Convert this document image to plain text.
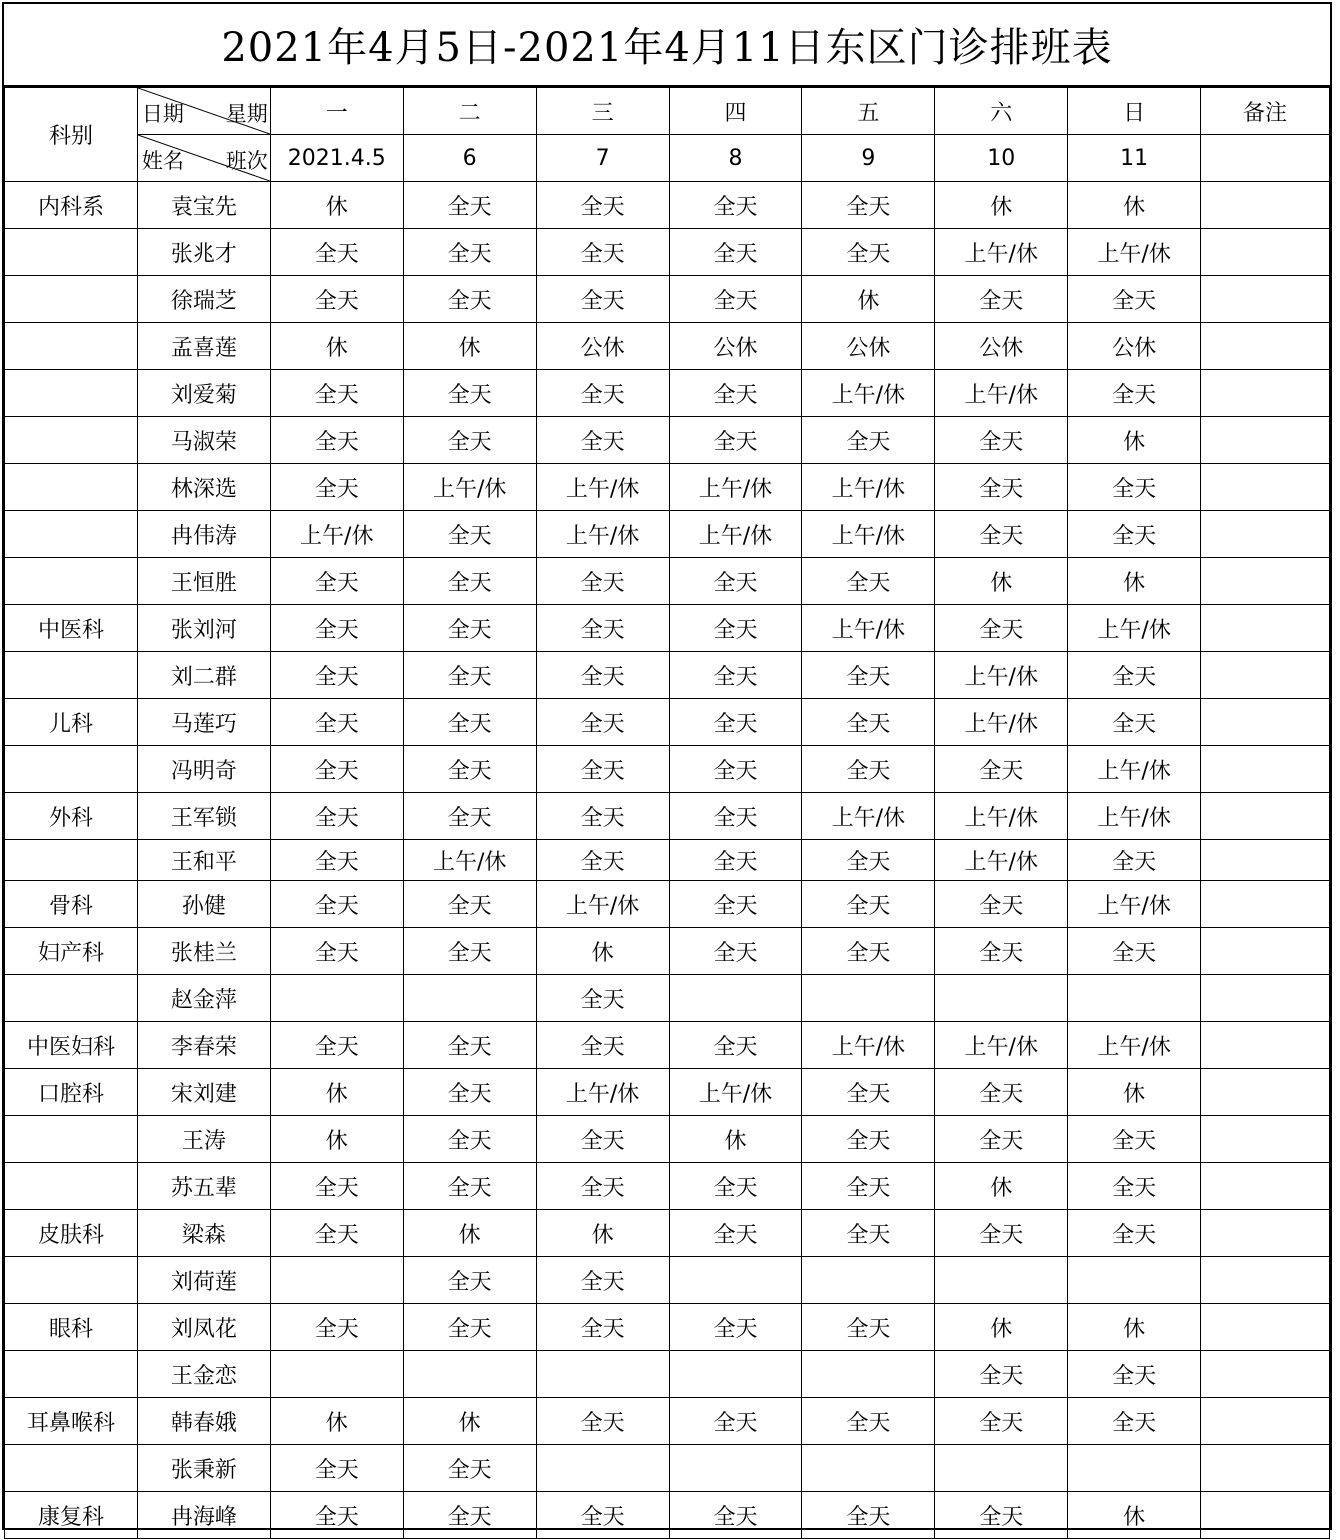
2021年4月5日-2021年4月11日东区门诊排班表
科别	日期 星期	一	二	三	四	五	六	日	备注

	姓名 班次	2021.4.5	6	7	8	9	10	11	
内科系	袁宝先	休	全天	全天	全天	全天	休	休	
	张兆才	全天	全天	全天	全天	全天	上午/休	上午/休	
	徐瑞芝	全天	全天	全天	全天	休	全天	全天	
	孟喜莲	休	休	公休	公休	公休	公休	公休	
	刘爱菊	全天	全天	全天	全天	上午/休	上午/休	全天	
	马淑荣	全天	全天	全天	全天	全天	全天	休	
	林深选	全天	上午/休	上午/休	上午/休	上午/休	全天	全天	
	冉伟涛	上午/休	全天	上午/休	上午/休	上午/休	全天	全天	
	王恒胜	全天	全天	全天	全天	全天	休	休	
中医科	张刘河	全天	全天	全天	全天	上午/休	全天	上午/休	
	刘二群	全天	全天	全天	全天	全天	上午/休	全天	
儿科	马莲巧	全天	全天	全天	全天	全天	上午/休	全天	
	冯明奇	全天	全天	全天	全天	全天	全天	上午/休	
外科	王军锁	全天	全天	全天	全天	上午/休	上午/休	上午/休	
	王和平	全天	上午/休	全天	全天	全天	上午/休	全天	
骨科	孙健	全天	全天	上午/休	全天	全天	全天	上午/休	
妇产科	张桂兰	全天	全天	休	全天	全天	全天	全天	
	赵金萍			全天					
中医妇科	李春荣	全天	全天	全天	全天	上午/休	上午/休	上午/休	
口腔科	宋刘建	休	全天	上午/休	上午/休	全天	全天	休	
	王涛	休	全天	全天	休	全天	全天	全天	
	苏五辈	全天	全天	全天	全天	全天	休	全天	
皮肤科	梁森	全天	休	休	全天	全天	全天	全天	
	刘荷莲		全天	全天					
眼科	刘凤花	全天	全天	全天	全天	全天	休	休	
	王金恋						全天	全天	
耳鼻喉科	韩春娥	休	休	全天	全天	全天	全天	全天	
	张秉新	全天	全天						
康复科	冉海峰	全天	全天	全天	全天	全天	全天	休	
